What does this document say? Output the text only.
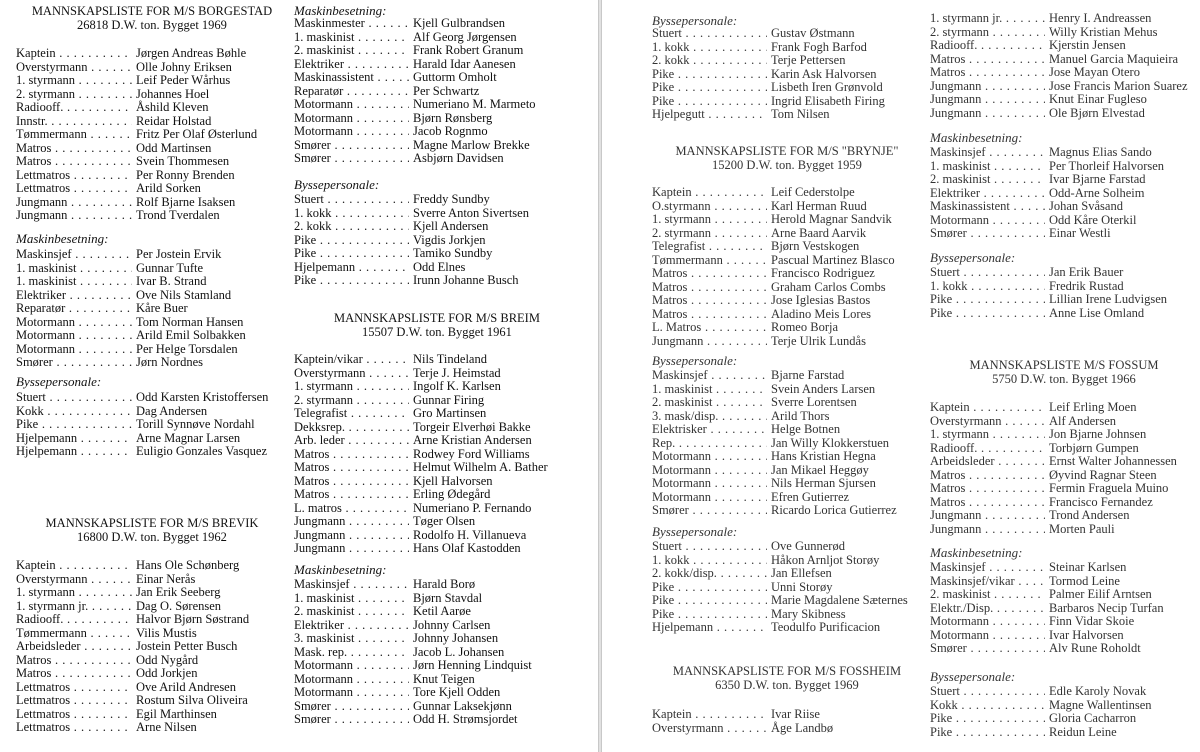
MANNSKAPSLISTE FOR M/S BORGESTAD
26818 D.W. ton. Bygget 1969
Kaptein . . .	Jørgen Andreas Bøhle
Overstyrmann . . .	Olle Johny Eriksen
1. styrmann . . .	Leif Peder Wårhus
2. styrmann . . .	Johannes Hoel
Radiooff. . . .	Åshild Kleven
Innstr. . . .	Reidar Holstad
Tømmermann . . .	Fritz Per Olaf Østerlund
Matros . . .	Odd Martinsen
Matros . . .	Svein Thommesen
Lettmatros . . .	Per Ronny Brenden
Lettmatros . . .	Arild Sorken
Jungmann . . .	Rolf Bjarne Isaksen
Jungmann . . .	Trond Tverdalen
Maskinbesetning:
Maskinsjef . . .	Per Jostein Ervik
1. maskinist . . .	Gunnar Tufte
1. maskinist . . .	Ivar B. Strand
Elektriker . . .	Ove Nils Stamland
Reparatør . . .	Kåre Buer
Motormann . . .	Tom Norman Hansen
Motormann . . .	Arild Emil Solbakken
Motormann . . .	Per Helge Torsdalen
Smører . . .	Jørn Nordnes
Byssepersonale:
Stuert . . .	Odd Karsten Kristoffersen
Kokk . . .	Dag Andersen
Pike . . .	Torill Synnøve Nordahl
Hjelpemann . . .	Arne Magnar Larsen
Hjelpemann . . .	Euligio Gonzales Vasquez
MANNSKAPSLISTE FOR M/S BREVIK
16800 D.W. ton. Bygget 1962
Kaptein . . .	Hans Ole Schønberg
Overstyrmann . . .	Einar Nerås
1. styrmann . . .	Jan Erik Seeberg
1. styrmann jr. . . .	Dag O. Sørensen
Radiooff. . . .	Halvor Bjørn Søstrand
Tømmermann . . .	Vilis Mustis
Arbeidsleder . . .	Jostein Petter Busch
Matros . . .	Odd Nygård
Matros . . .	Odd Jorkjen
Lettmatros . . .	Ove Arild Andresen
Lettmatros . . .	Rostum Silva Oliveira
Lettmatros . . .	Egil Marthinsen
Lettmatros . . .	Arne Nilsen
Maskinbesetning:
Maskinmester . . .	Kjell Gulbrandsen
1. maskinist . . .	Alf Georg Jørgensen
2. maskinist . . .	Frank Robert Granum
Elektriker . . .	Harald Idar Aanesen
Maskinassistent . . .	Guttorm Omholt
Reparatør . . .	Per Schwartz
Motormann . . .	Numeriano M. Marmeto
Motormann . . .	Bjørn Rønsberg
Motormann . . .	Jacob Rognmo
Smører . . .	Magne Marlow Brekke
Smører . . .	Asbjørn Davidsen
Byssepersonale:
Stuert . . .	Freddy Sundby
1. kokk . . .	Sverre Anton Sivertsen
2. kokk . . .	Kjell Andersen
Pike . . .	Vigdis Jorkjen
Pike . . .	Tamiko Sundby
Hjelpemann . . .	Odd Elnes
Pike . . .	Irunn Johanne Busch
MANNSKAPSLISTE FOR M/S BREIM
15507 D.W. ton. Bygget 1961
Kaptein/vikar . . .	Nils Tindeland
Overstyrmann . . .	Terje J. Heimstad
1. styrmann . . .	Ingolf K. Karlsen
2. styrmann . . .	Gunnar Firing
Telegrafist . . .	Gro Martinsen
Dekksrep. . . .	Torgeir Elverhøi Bakke
Arb. leder . . .	Arne Kristian Andersen
Matros . . .	Rodwey Ford Williams
Matros . . .	Helmut Wilhelm A. Bather
Matros . . .	Kjell Halvorsen
Matros . . .	Erling Ødegård
L. matros . . .	Numeriano P. Fernando
Jungmann . . .	Tøger Olsen
Jungmann . . .	Rodolfo H. Villanueva
Jungmann . . .	Hans Olaf Kastodden
Maskinbesetning:
Maskinsjef . . .	Harald Borø
1. maskinist . . .	Bjørn Stavdal
2. maskinist . . .	Ketil Aarøe
Elektriker . . .	Johnny Carlsen
3. maskinist . . .	Johnny Johansen
Mask. rep. . . .	Jacob L. Johansen
Motormann . . .	Jørn Henning Lindquist
Motormann . . .	Knut Teigen
Motormann . . .	Tore Kjell Odden
Smører . . .	Gunnar Laksekjønn
Smører . . .	Odd H. Strømsjordet
Byssepersonale:
Stuert . . .	Gustav Østmann
1. kokk . . .	Frank Fogh Barfod
2. kokk . . .	Terje Pettersen
Pike . . .	Karin Ask Halvorsen
Pike . . .	Lisbeth Iren Grønvold
Pike . . .	Ingrid Elisabeth Firing
Hjelpegutt . . .	Tom Nilsen
MANNSKAPSLISTE FOR M/S "BRYNJE"
15200 D.W. ton. Bygget 1959
Kaptein . . .	Leif Cederstolpe
O.styrmann . . .	Karl Herman Ruud
1. styrmann . . .	Herold Magnar Sandvik
2. styrmann . . .	Arne Baard Aarvik
Telegrafist . . .	Bjørn Vestskogen
Tømmermann . . .	Pascual Martinez Blasco
Matros . . .	Francisco Rodriguez
Matros . . .	Graham Carlos Combs
Matros . . .	Jose Iglesias Bastos
Matros . . .	Aladino Meis Lores
L. Matros . . .	Romeo Borja
Jungmann . . .	Terje Ulrik Lundås
Byssepersonale:
Maskinsjef . . .	Bjarne Farstad
1. maskinist . . .	Svein Anders Larsen
2. maskinist . . .	Sverre Lorentsen
3. mask/disp. . . .	Arild Thors
Elektrisker . . .	Helge Botnen
Rep. . . .	Jan Willy Klokkerstuen
Motormann . . .	Hans Kristian Hegna
Motormann . . .	Jan Mikael Heggøy
Motormann . . .	Nils Herman Sjursen
Motormann . . .	Efren Gutierrez
Smører . . .	Ricardo Lorica Gutierrez
Byssepersonale:
Stuert . . .	Ove Gunnerød
1. kokk . . .	Håkon Arnljot Storøy
2. kokk/disp. . . .	Jan Ellefsen
Pike . . .	Unni Storøy
Pike . . .	Marie Magdalene Sæternes
Pike . . .	Mary Skibness
Hjelpemann . . .	Teodulfo Purificacion
MANNSKAPSLISTE FOR M/S FOSSHEIM
6350 D.W. ton. Bygget 1969
Kaptein . . .	Ivar Riise
Overstyrmann . . .	Åge Landbø
1. styrmann jr. . . .	Henry I. Andreassen
2. styrmann . . .	Willy Kristian Mehus
Radiooff. . . .	Kjerstin Jensen
Matros . . .	Manuel Garcia Maquieira
Matros . . .	Jose Mayan Otero
Jungmann . . .	Jose Francis Marion Suarez
Jungmann . . .	Knut Einar Fugleso
Jungmann . . .	Ole Bjørn Elvestad
Maskinbesetning:
Maskinsjef . . .	Magnus Elias Sando
1. maskinist . . .	Per Thorleif Halvorsen
2. maskinist . . .	Ivar Bjarne Farstad
Elektriker . . .	Odd-Arne Solheim
Maskinassistent . . .	Johan Svåsand
Motormann . . .	Odd Kåre Oterkil
Smører . . .	Einar Westli
Byssepersonale:
Stuert . . .	Jan Erik Bauer
1. kokk . . .	Fredrik Rustad
Pike . . .	Lillian Irene Ludvigsen
Pike . . .	Anne Lise Omland
MANNSKAPSLISTE M/S FOSSUM
5750 D.W. ton. Bygget 1966
Kaptein . . .	Leif Erling Moen
Overstyrmann . . .	Alf Andersen
1. styrmann . . .	Jon Bjarne Johnsen
Radiooff. . . .	Torbjørn Gumpen
Arbeidsleder . . .	Ernst Walter Johannessen
Matros . . .	Øyvind Ragnar Steen
Matros . . .	Fermin Fraguela Muino
Matros . . .	Francisco Fernandez
Jungmann . . .	Trond Andersen
Jungmann . . .	Morten Pauli
Maskinbesetning:
Maskinsjef . . .	Steinar Karlsen
Maskinsjef/vikar . . .	Tormod Leine
2. maskinist . . .	Palmer Eilif Arntsen
Elektr./Disp. . . .	Barbaros Necip Turfan
Motormann . . .	Finn Vidar Skoie
Motormann . . .	Ivar Halvorsen
Smører . . .	Alv Rune Roholdt
Byssepersonale:
Stuert . . .	Edle Karoly Novak
Kokk . . .	Magne Wallentinsen
Pike . . .	Gloria Cacharron
Pike . . .	Reidun Leine
